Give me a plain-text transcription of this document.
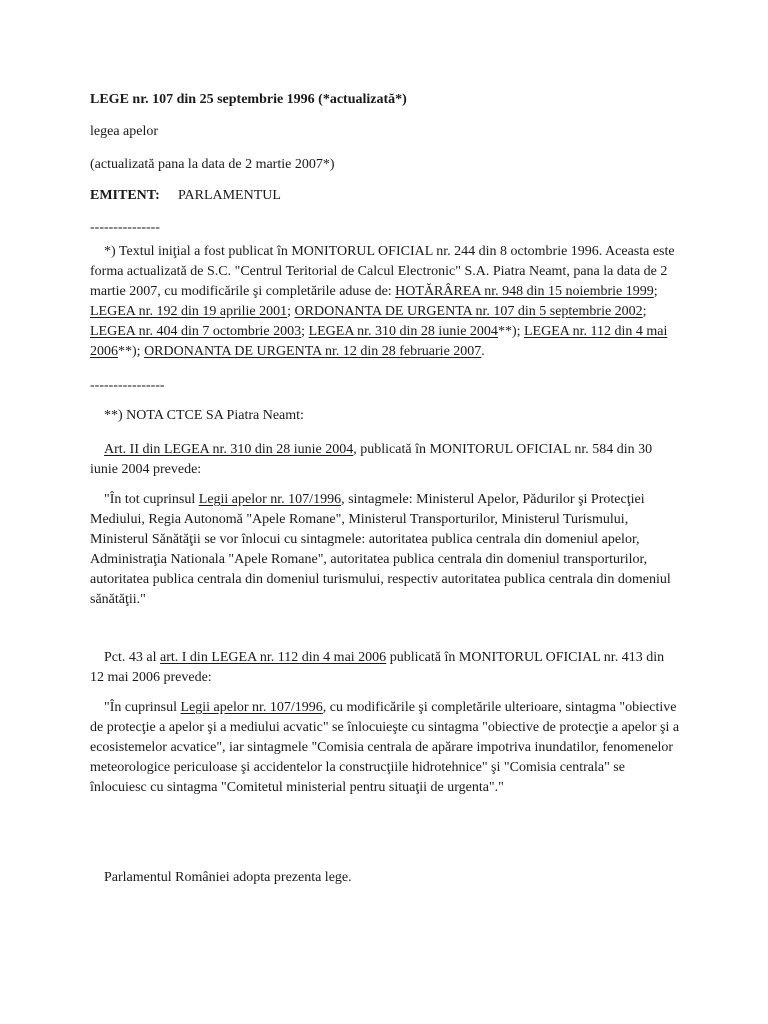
LEGE nr. 107 din 25 septembrie 1996 (*actualizată*)

legea apelor

(actualizată pana la data de 2 martie 2007*)

EMITENT: PARLAMENTUL

---------------

*) Textul iniţial a fost publicat în MONITORUL OFICIAL nr. 244 din 8 octombrie 1996. Aceasta este forma actualizată de S.C. "Centrul Teritorial de Calcul Electronic" S.A. Piatra Neamt, pana la data de 2 martie 2007, cu modificările şi completările aduse de: HOTĂRÂREA nr. 948 din 15 noiembrie 1999; LEGEA nr. 192 din 19 aprilie 2001; ORDONANTA DE URGENTA nr. 107 din 5 septembrie 2002; LEGEA nr. 404 din 7 octombrie 2003; LEGEA nr. 310 din 28 iunie 2004**); LEGEA nr. 112 din 4 mai 2006**); ORDONANTA DE URGENTA nr. 12 din 28 februarie 2007.

----------------

**) NOTA CTCE SA Piatra Neamt:

Art. II din LEGEA nr. 310 din 28 iunie 2004, publicată în MONITORUL OFICIAL nr. 584 din 30 iunie 2004 prevede:

"În tot cuprinsul Legii apelor nr. 107/1996, sintagmele: Ministerul Apelor, Pădurilor şi Protecţiei Mediului, Regia Autonomă "Apele Romane", Ministerul Transporturilor, Ministerul Turismului, Ministerul Sănătăţii se vor înlocui cu sintagmele: autoritatea publica centrala din domeniul apelor, Administraţia Nationala "Apele Romane", autoritatea publica centrala din domeniul transporturilor, autoritatea publica centrala din domeniul turismului, respectiv autoritatea publica centrala din domeniul sănătăţii."

Pct. 43 al art. I din LEGEA nr. 112 din 4 mai 2006 publicată în MONITORUL OFICIAL nr. 413 din 12 mai 2006 prevede:

"În cuprinsul Legii apelor nr. 107/1996, cu modificările şi completările ulterioare, sintagma "obiective de protecţie a apelor şi a mediului acvatic" se înlocuieşte cu sintagma "obiective de protecţie a apelor şi a ecosistemelor acvatice", iar sintagmele "Comisia centrala de apărare impotriva inundatilor, fenomenelor meteorologice periculoase şi accidentelor la construcţiile hidrotehnice" şi "Comisia centrala" se înlocuiesc cu sintagma "Comitetul ministerial pentru situaţii de urgenta"."

Parlamentul României adopta prezenta lege.
